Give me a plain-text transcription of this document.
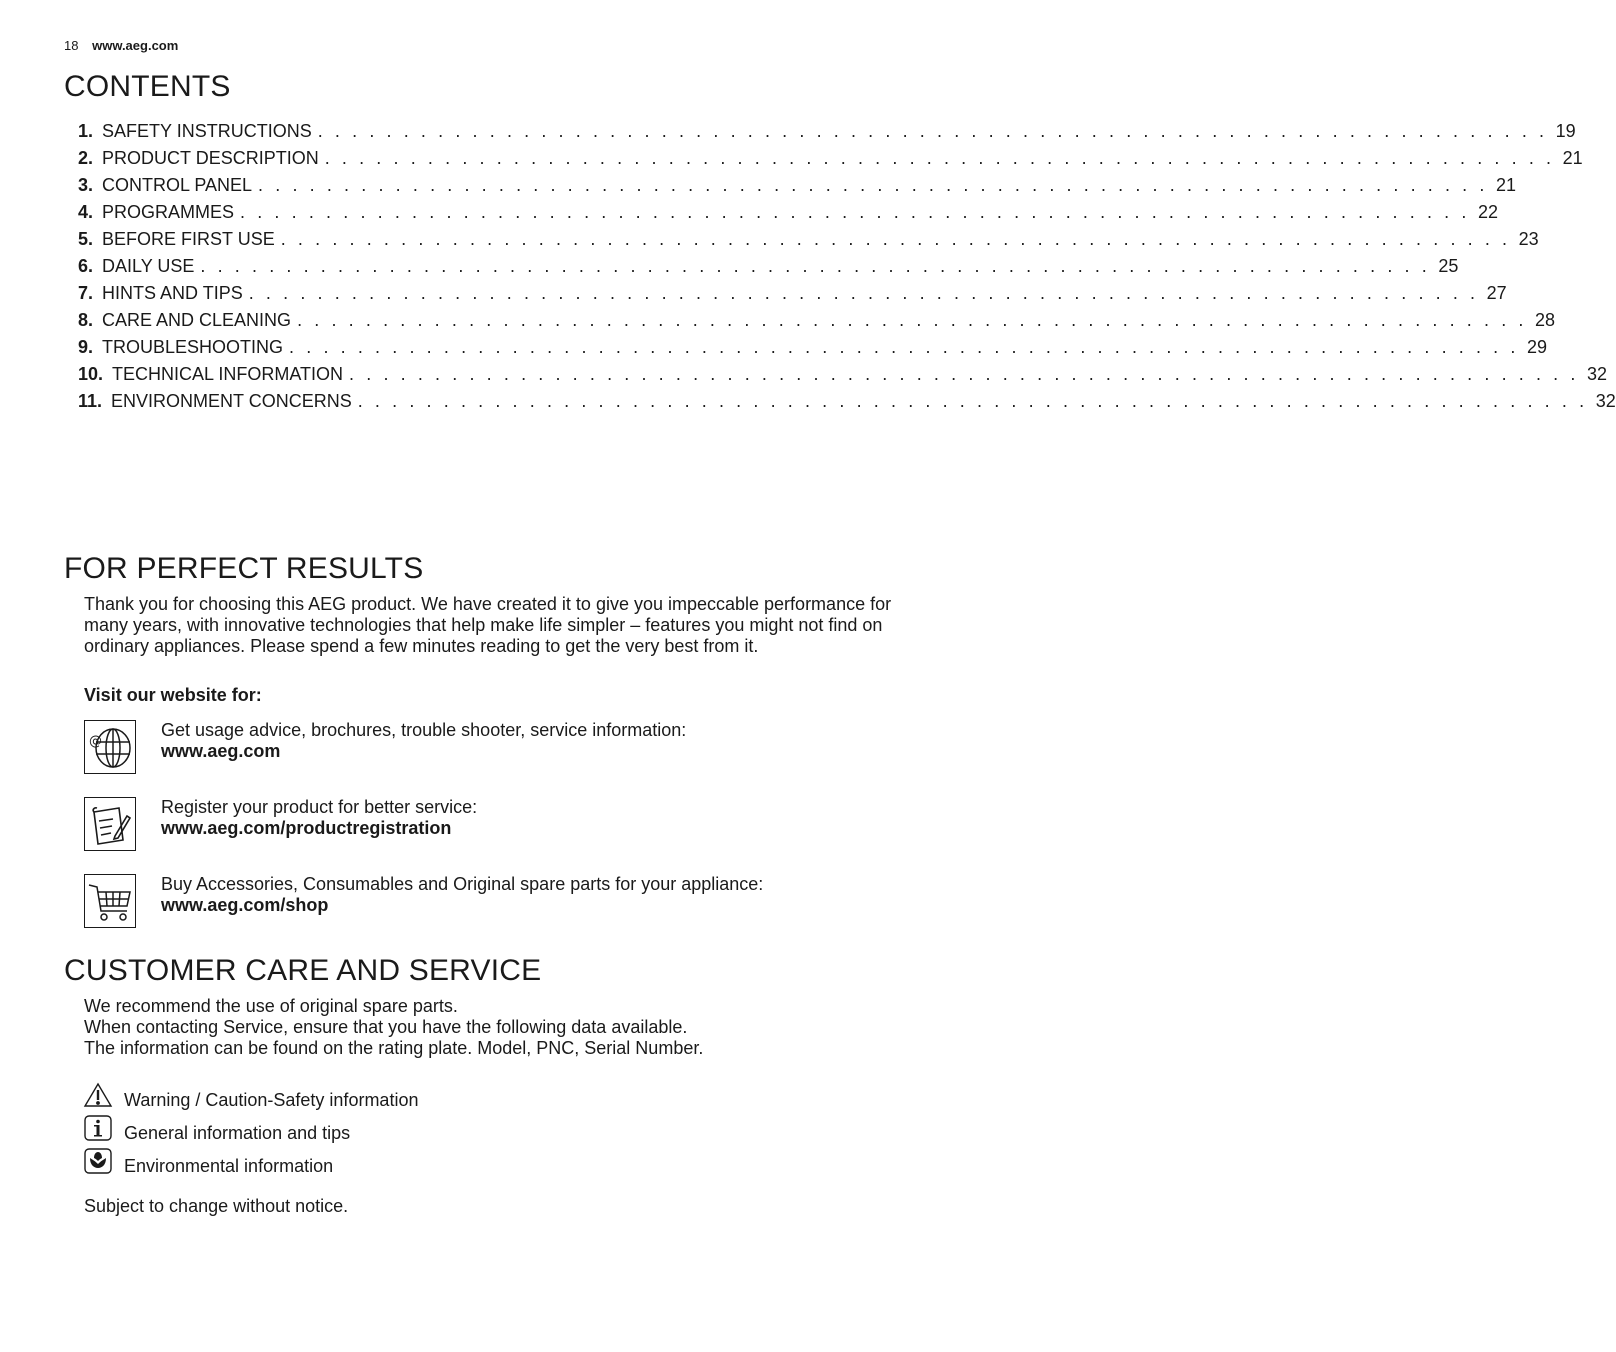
18 www.aeg.com
CONTENTS
1. SAFETY INSTRUCTIONS . . . . . . . . . . . . . . . . . . . . . . . . . . . . . . . . . . . . . . . . . . . . . . . . . . . . . . . . . . . . . . . . . . . . . . . . 19
2. PRODUCT DESCRIPTION . . . . . . . . . . . . . . . . . . . . . . . . . . . . . . . . . . . . . . . . . . . . . . . . . . . . . . . . . . . . . . . . . . . . . . . . 21
3. CONTROL PANEL . . . . . . . . . . . . . . . . . . . . . . . . . . . . . . . . . . . . . . . . . . . . . . . . . . . . . . . . . . . . . . . . . . . . . . . . 21
4. PROGRAMMES . . . . . . . . . . . . . . . . . . . . . . . . . . . . . . . . . . . . . . . . . . . . . . . . . . . . . . . . . . . . . . . . . . . . . . . . 22
5. BEFORE FIRST USE . . . . . . . . . . . . . . . . . . . . . . . . . . . . . . . . . . . . . . . . . . . . . . . . . . . . . . . . . . . . . . . . . . . . . . . . 23
6. DAILY USE . . . . . . . . . . . . . . . . . . . . . . . . . . . . . . . . . . . . . . . . . . . . . . . . . . . . . . . . . . . . . . . . . . . . . . . . 25
7. HINTS AND TIPS . . . . . . . . . . . . . . . . . . . . . . . . . . . . . . . . . . . . . . . . . . . . . . . . . . . . . . . . . . . . . . . . . . . . . . . . 27
8. CARE AND CLEANING . . . . . . . . . . . . . . . . . . . . . . . . . . . . . . . . . . . . . . . . . . . . . . . . . . . . . . . . . . . . . . . . . . . . . . . . 28
9. TROUBLESHOOTING . . . . . . . . . . . . . . . . . . . . . . . . . . . . . . . . . . . . . . . . . . . . . . . . . . . . . . . . . . . . . . . . . . . . . . . . 29
10. TECHNICAL INFORMATION . . . . . . . . . . . . . . . . . . . . . . . . . . . . . . . . . . . . . . . . . . . . . . . . . . . . . . . . . . . . . . . . . . . . . . . . 32
11. ENVIRONMENT CONCERNS . . . . . . . . . . . . . . . . . . . . . . . . . . . . . . . . . . . . . . . . . . . . . . . . . . . . . . . . . . . . . . . . . . . . . . . . 32
FOR PERFECT RESULTS
Thank you for choosing this AEG product. We have created it to give you impeccable performance for many years, with innovative technologies that help make life simpler – features you might not find on ordinary appliances. Please spend a few minutes reading to get the very best from it.
Visit our website for:
@
Get usage advice, brochures, trouble shooter, service information:
www.aeg.com
Register your product for better service:
www.aeg.com/productregistration
Buy Accessories, Consumables and Original spare parts for your appliance:
www.aeg.com/shop
CUSTOMER CARE AND SERVICE
We recommend the use of original spare parts.
When contacting Service, ensure that you have the following data available.
The information can be found on the rating plate. Model, PNC, Serial Number.
Warning / Caution-Safety information
General information and tips
Environmental information
Subject to change without notice.
